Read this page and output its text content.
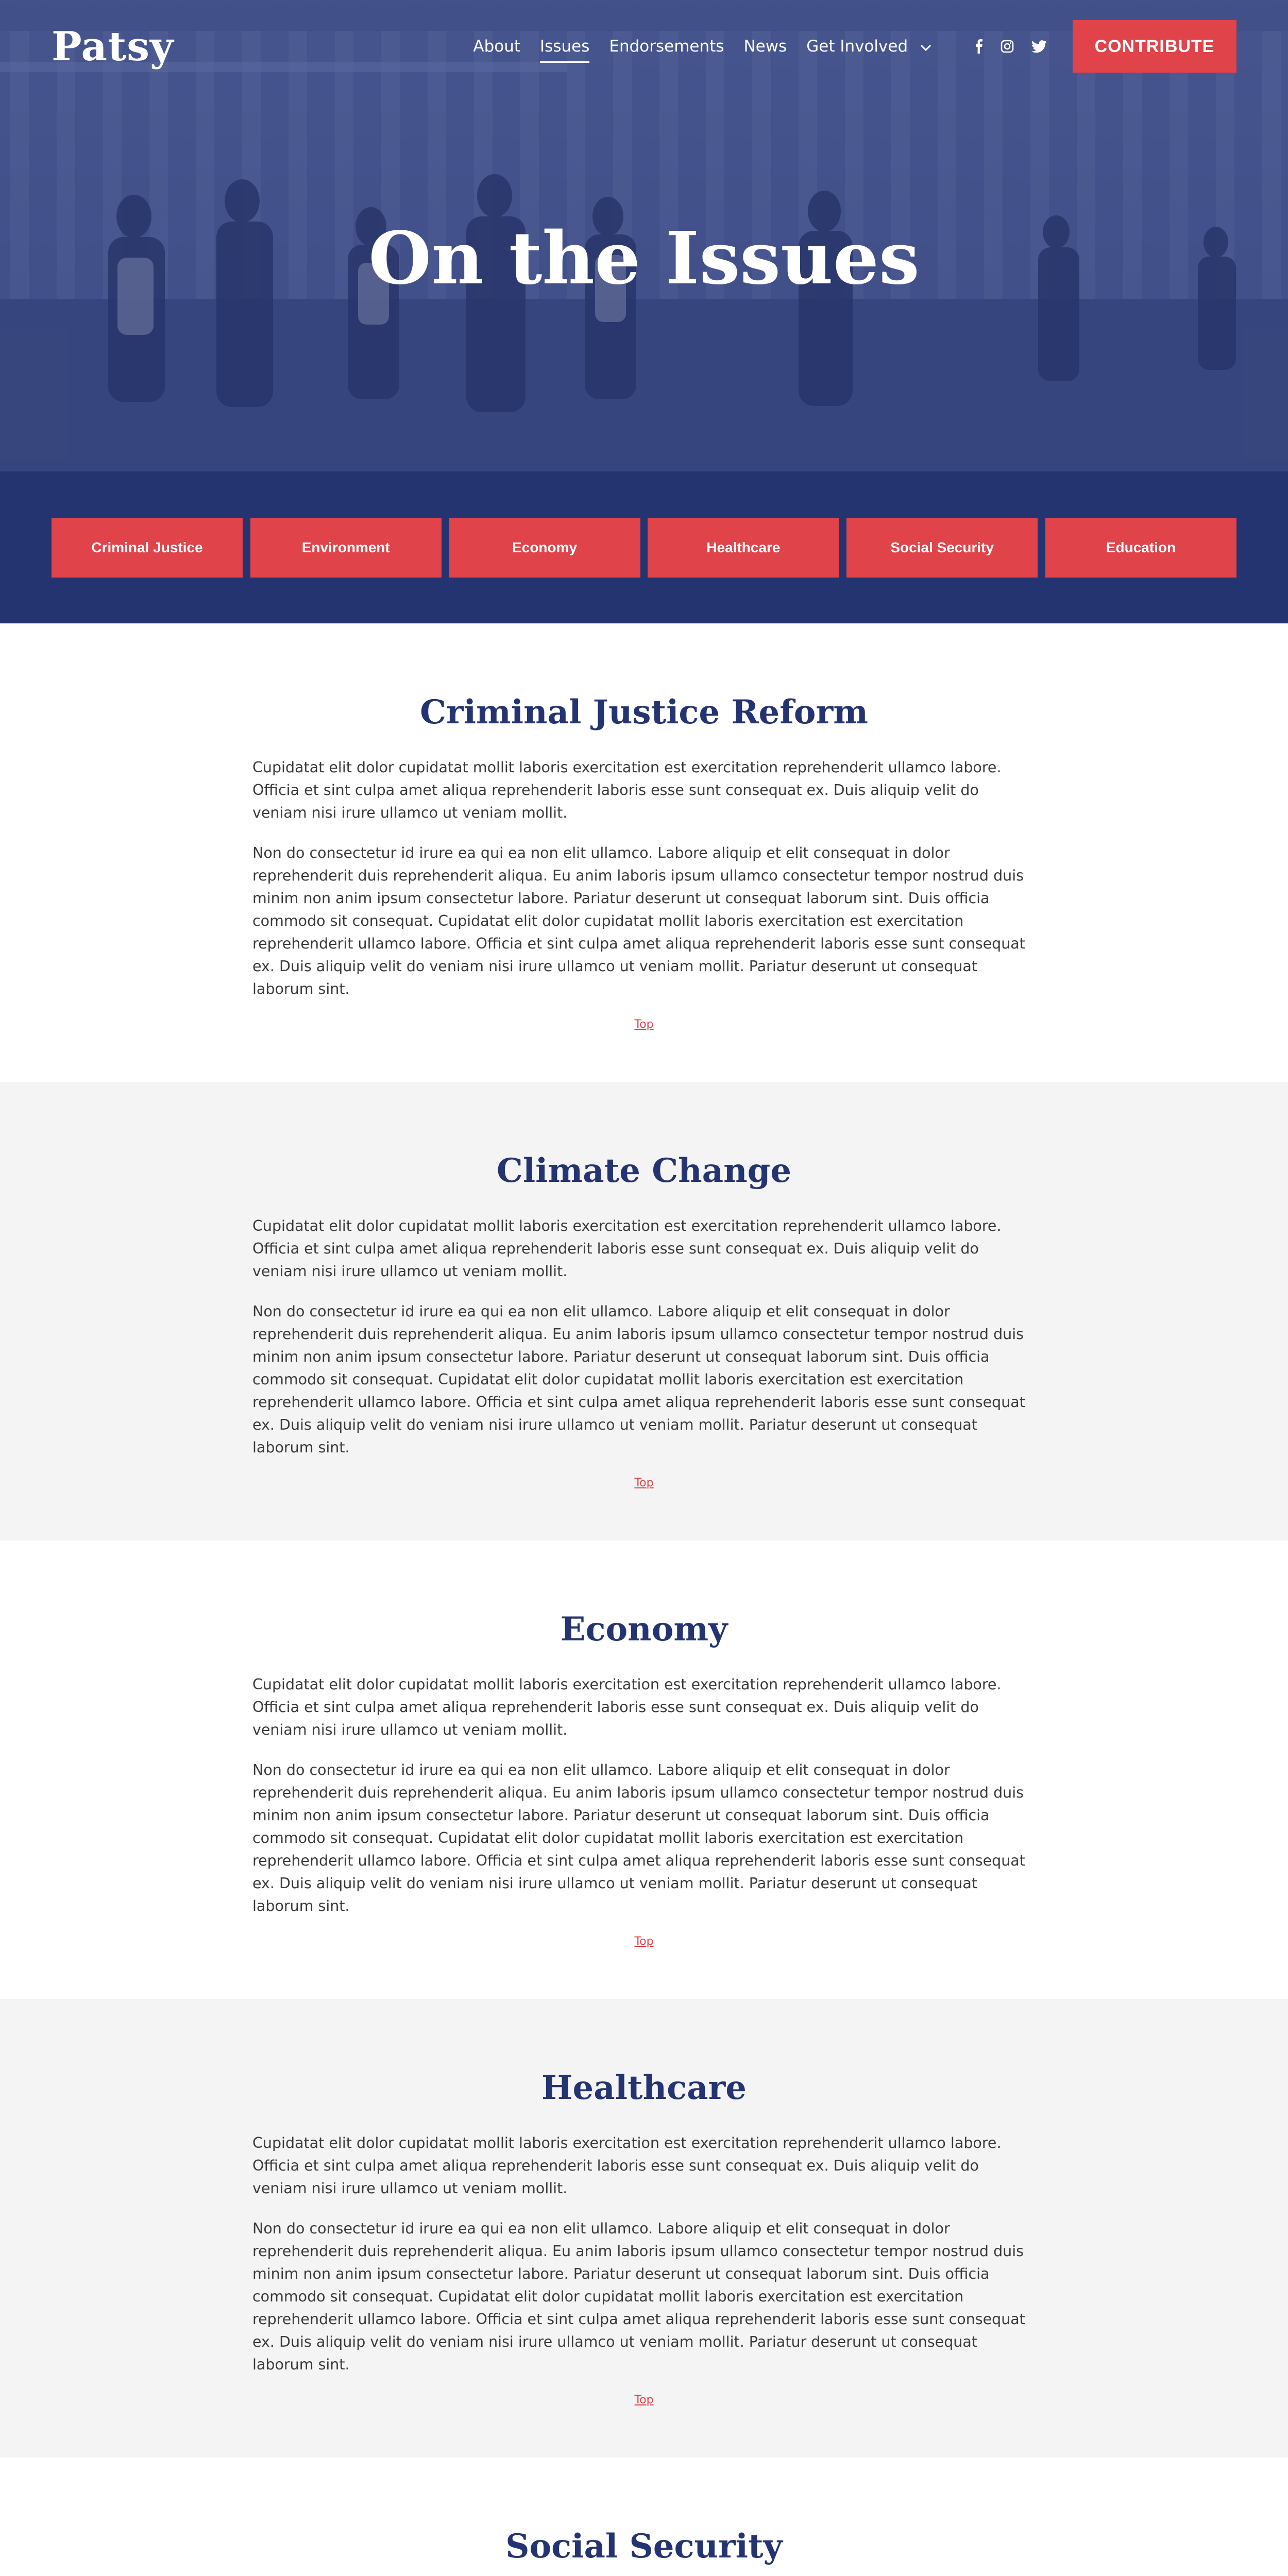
Patsy	About Issues Endorsements News Get Involved	CONTRIBUTE
On the Issues
Criminal Justice	Environment	Economy	Healthcare	Social Security	Education
Criminal Justice Reform

Cupidatat elit dolor cupidatat mollit laboris exercitation est exercitation reprehenderit ullamco labore. Officia et sint culpa amet aliqua reprehenderit laboris esse sunt consequat ex. Duis aliquip velit do veniam nisi irure ullamco ut veniam mollit.

Non do consectetur id irure ea qui ea non elit ullamco. Labore aliquip et elit consequat in dolor reprehenderit duis reprehenderit aliqua. Eu anim laboris ipsum ullamco consectetur tempor nostrud duis minim non anim ipsum consectetur labore. Pariatur deserunt ut consequat laborum sint. Duis officia commodo sit consequat. Cupidatat elit dolor cupidatat mollit laboris exercitation est exercitation reprehenderit ullamco labore. Officia et sint culpa amet aliqua reprehenderit laboris esse sunt consequat ex. Duis aliquip velit do veniam nisi irure ullamco ut veniam mollit. Pariatur deserunt ut consequat laborum sint.

Top
Climate Change

Cupidatat elit dolor cupidatat mollit laboris exercitation est exercitation reprehenderit ullamco labore. Officia et sint culpa amet aliqua reprehenderit laboris esse sunt consequat ex. Duis aliquip velit do veniam nisi irure ullamco ut veniam mollit.

Non do consectetur id irure ea qui ea non elit ullamco. Labore aliquip et elit consequat in dolor reprehenderit duis reprehenderit aliqua. Eu anim laboris ipsum ullamco consectetur tempor nostrud duis minim non anim ipsum consectetur labore. Pariatur deserunt ut consequat laborum sint. Duis officia commodo sit consequat. Cupidatat elit dolor cupidatat mollit laboris exercitation est exercitation reprehenderit ullamco labore. Officia et sint culpa amet aliqua reprehenderit laboris esse sunt consequat ex. Duis aliquip velit do veniam nisi irure ullamco ut veniam mollit. Pariatur deserunt ut consequat laborum sint.

Top
Economy

Cupidatat elit dolor cupidatat mollit laboris exercitation est exercitation reprehenderit ullamco labore. Officia et sint culpa amet aliqua reprehenderit laboris esse sunt consequat ex. Duis aliquip velit do veniam nisi irure ullamco ut veniam mollit.

Non do consectetur id irure ea qui ea non elit ullamco. Labore aliquip et elit consequat in dolor reprehenderit duis reprehenderit aliqua. Eu anim laboris ipsum ullamco consectetur tempor nostrud duis minim non anim ipsum consectetur labore. Pariatur deserunt ut consequat laborum sint. Duis officia commodo sit consequat. Cupidatat elit dolor cupidatat mollit laboris exercitation est exercitation reprehenderit ullamco labore. Officia et sint culpa amet aliqua reprehenderit laboris esse sunt consequat ex. Duis aliquip velit do veniam nisi irure ullamco ut veniam mollit. Pariatur deserunt ut consequat laborum sint.

Top
Healthcare

Cupidatat elit dolor cupidatat mollit laboris exercitation est exercitation reprehenderit ullamco labore. Officia et sint culpa amet aliqua reprehenderit laboris esse sunt consequat ex. Duis aliquip velit do veniam nisi irure ullamco ut veniam mollit.

Non do consectetur id irure ea qui ea non elit ullamco. Labore aliquip et elit consequat in dolor reprehenderit duis reprehenderit aliqua. Eu anim laboris ipsum ullamco consectetur tempor nostrud duis minim non anim ipsum consectetur labore. Pariatur deserunt ut consequat laborum sint. Duis officia commodo sit consequat. Cupidatat elit dolor cupidatat mollit laboris exercitation est exercitation reprehenderit ullamco labore. Officia et sint culpa amet aliqua reprehenderit laboris esse sunt consequat ex. Duis aliquip velit do veniam nisi irure ullamco ut veniam mollit. Pariatur deserunt ut consequat laborum sint.

Top
Social Security
